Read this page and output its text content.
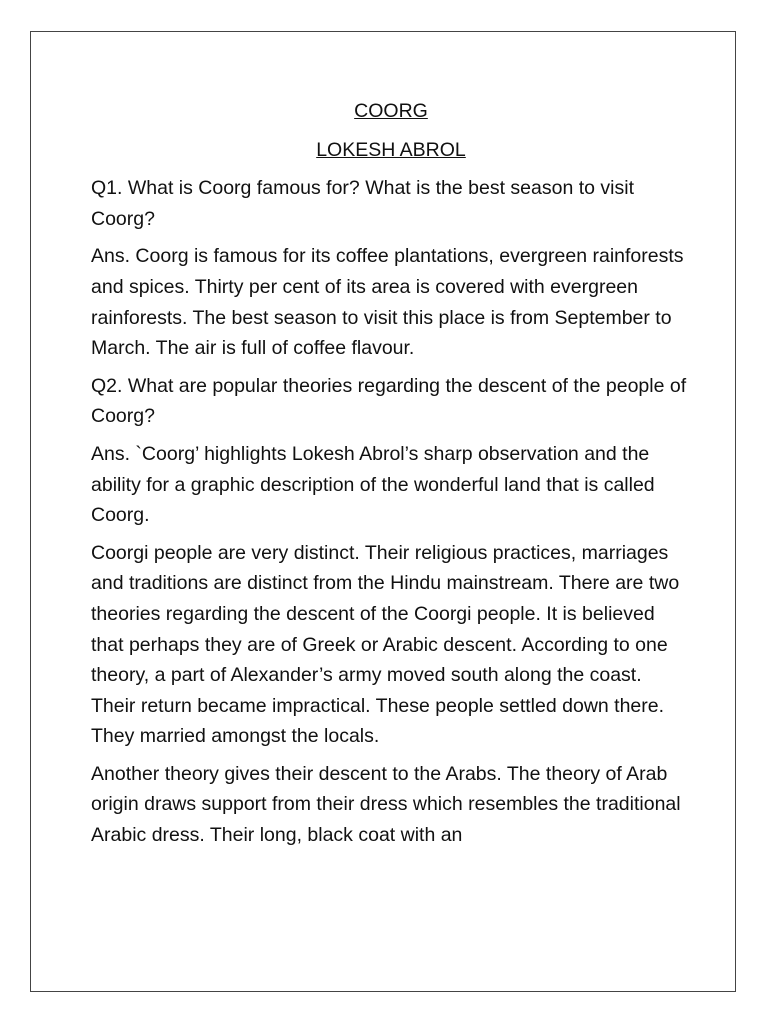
COORG
LOKESH ABROL

Q1. What is Coorg famous for? What is the best season to visit Coorg?

Ans. Coorg is famous for its coffee plantations, evergreen rainforests and spices. Thirty per cent of its area is covered with evergreen rainforests. The best season to visit this place is from September to March. The air is full of coffee flavour.

Q2. What are popular theories regarding the descent of the people of Coorg?

Ans. `Coorg’ highlights Lokesh Abrol’s sharp observation and the ability for a graphic description of the wonderful land that is called Coorg.

Coorgi people are very distinct. Their religious practices, marriages and traditions are distinct from the Hindu mainstream. There are two theories regarding the descent of the Coorgi people. It is believed that perhaps they are of Greek or Arabic descent. According to one theory, a part of Alexander’s army moved south along the coast. Their return became impractical. These people settled down there. They married amongst the locals.

Another theory gives their descent to the Arabs. The theory of Arab origin draws support from their dress which resembles the traditional Arabic dress. Their long, black coat with an
